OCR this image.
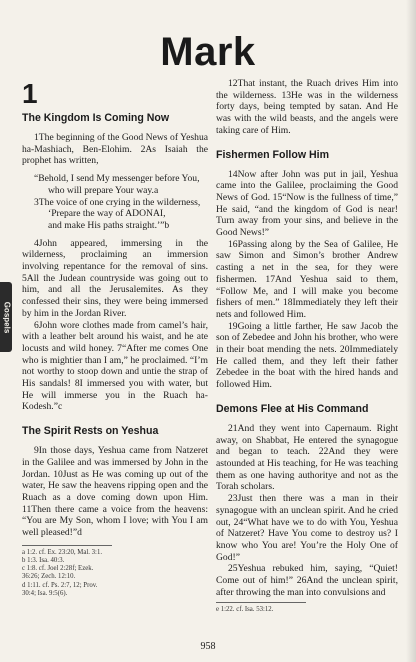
Mark
1
The Kingdom Is Coming Now

1The beginning of the Good News of Yeshua ha-Mashiach, Ben-Elohim. 2As Isaiah the prophet has written,

“Behold, I send My messenger before You,
who will prepare Your way.a
3The voice of one crying in the wilderness,
‘Prepare the way of ADONAI,
and make His paths straight.’”b

4John appeared, immersing in the wilderness, proclaiming an immersion involving repentance for the removal of sins. 5All the Judean countryside was going out to him, and all the Jerusalemites. As they confessed their sins, they were being immersed by him in the Jordan River.

6John wore clothes made from camel’s hair, with a leather belt around his waist, and he ate locusts and wild honey. 7“After me comes One who is mightier than I am,” he proclaimed. “I’m not worthy to stoop down and untie the strap of His sandals! 8I immersed you with water, but He will immerse you in the Ruach ha-Kodesh.”c

The Spirit Rests on Yeshua

9In those days, Yeshua came from Natzeret in the Galilee and was immersed by John in the Jordan. 10Just as He was coming up out of the water, He saw the heavens ripping open and the Ruach as a dove coming down upon Him. 11Then there came a voice from the heavens: “You are My Son, whom I love; with You I am well pleased!”d

a 1:2. cf. Ex. 23:20, Mal. 3:1.
b 1:3. Isa. 40:3.
c 1:8. cf. Joel 2:28f; Ezek. 36:26; Zech. 12:10.
d 1:11. cf. Ps. 2:7, 12; Prov. 30:4; Isa. 9:5(6).

12That instant, the Ruach drives Him into the wilderness. 13He was in the wilderness forty days, being tempted by satan. And He was with the wild beasts, and the angels were taking care of Him.

Fishermen Follow Him

14Now after John was put in jail, Yeshua came into the Galilee, proclaiming the Good News of God. 15“Now is the fullness of time,” He said, “and the kingdom of God is near! Turn away from your sins, and believe in the Good News!”

16Passing along by the Sea of Galilee, He saw Simon and Simon’s brother Andrew casting a net in the sea, for they were fishermen. 17And Yeshua said to them, “Follow Me, and I will make you become fishers of men.” 18Immediately they left their nets and followed Him.

19Going a little farther, He saw Jacob the son of Zebedee and John his brother, who were in their boat mending the nets. 20Immediately He called them, and they left their father Zebedee in the boat with the hired hands and followed Him.

Demons Flee at His Command

21And they went into Capernaum. Right away, on Shabbat, He entered the synagogue and began to teach. 22And they were astounded at His teaching, for He was teaching them as one having authoritye and not as the Torah scholars.

23Just then there was a man in their synagogue with an unclean spirit. And he cried out, 24“What have we to do with You, Yeshua of Natzeret? Have You come to destroy us? I know who You are! You’re the Holy One of God!”

25Yeshua rebuked him, saying, “Quiet! Come out of him!” 26And the unclean spirit, after throwing the man into convulsions and

e 1:22. cf. Isa. 53:12.
Gospels
958
